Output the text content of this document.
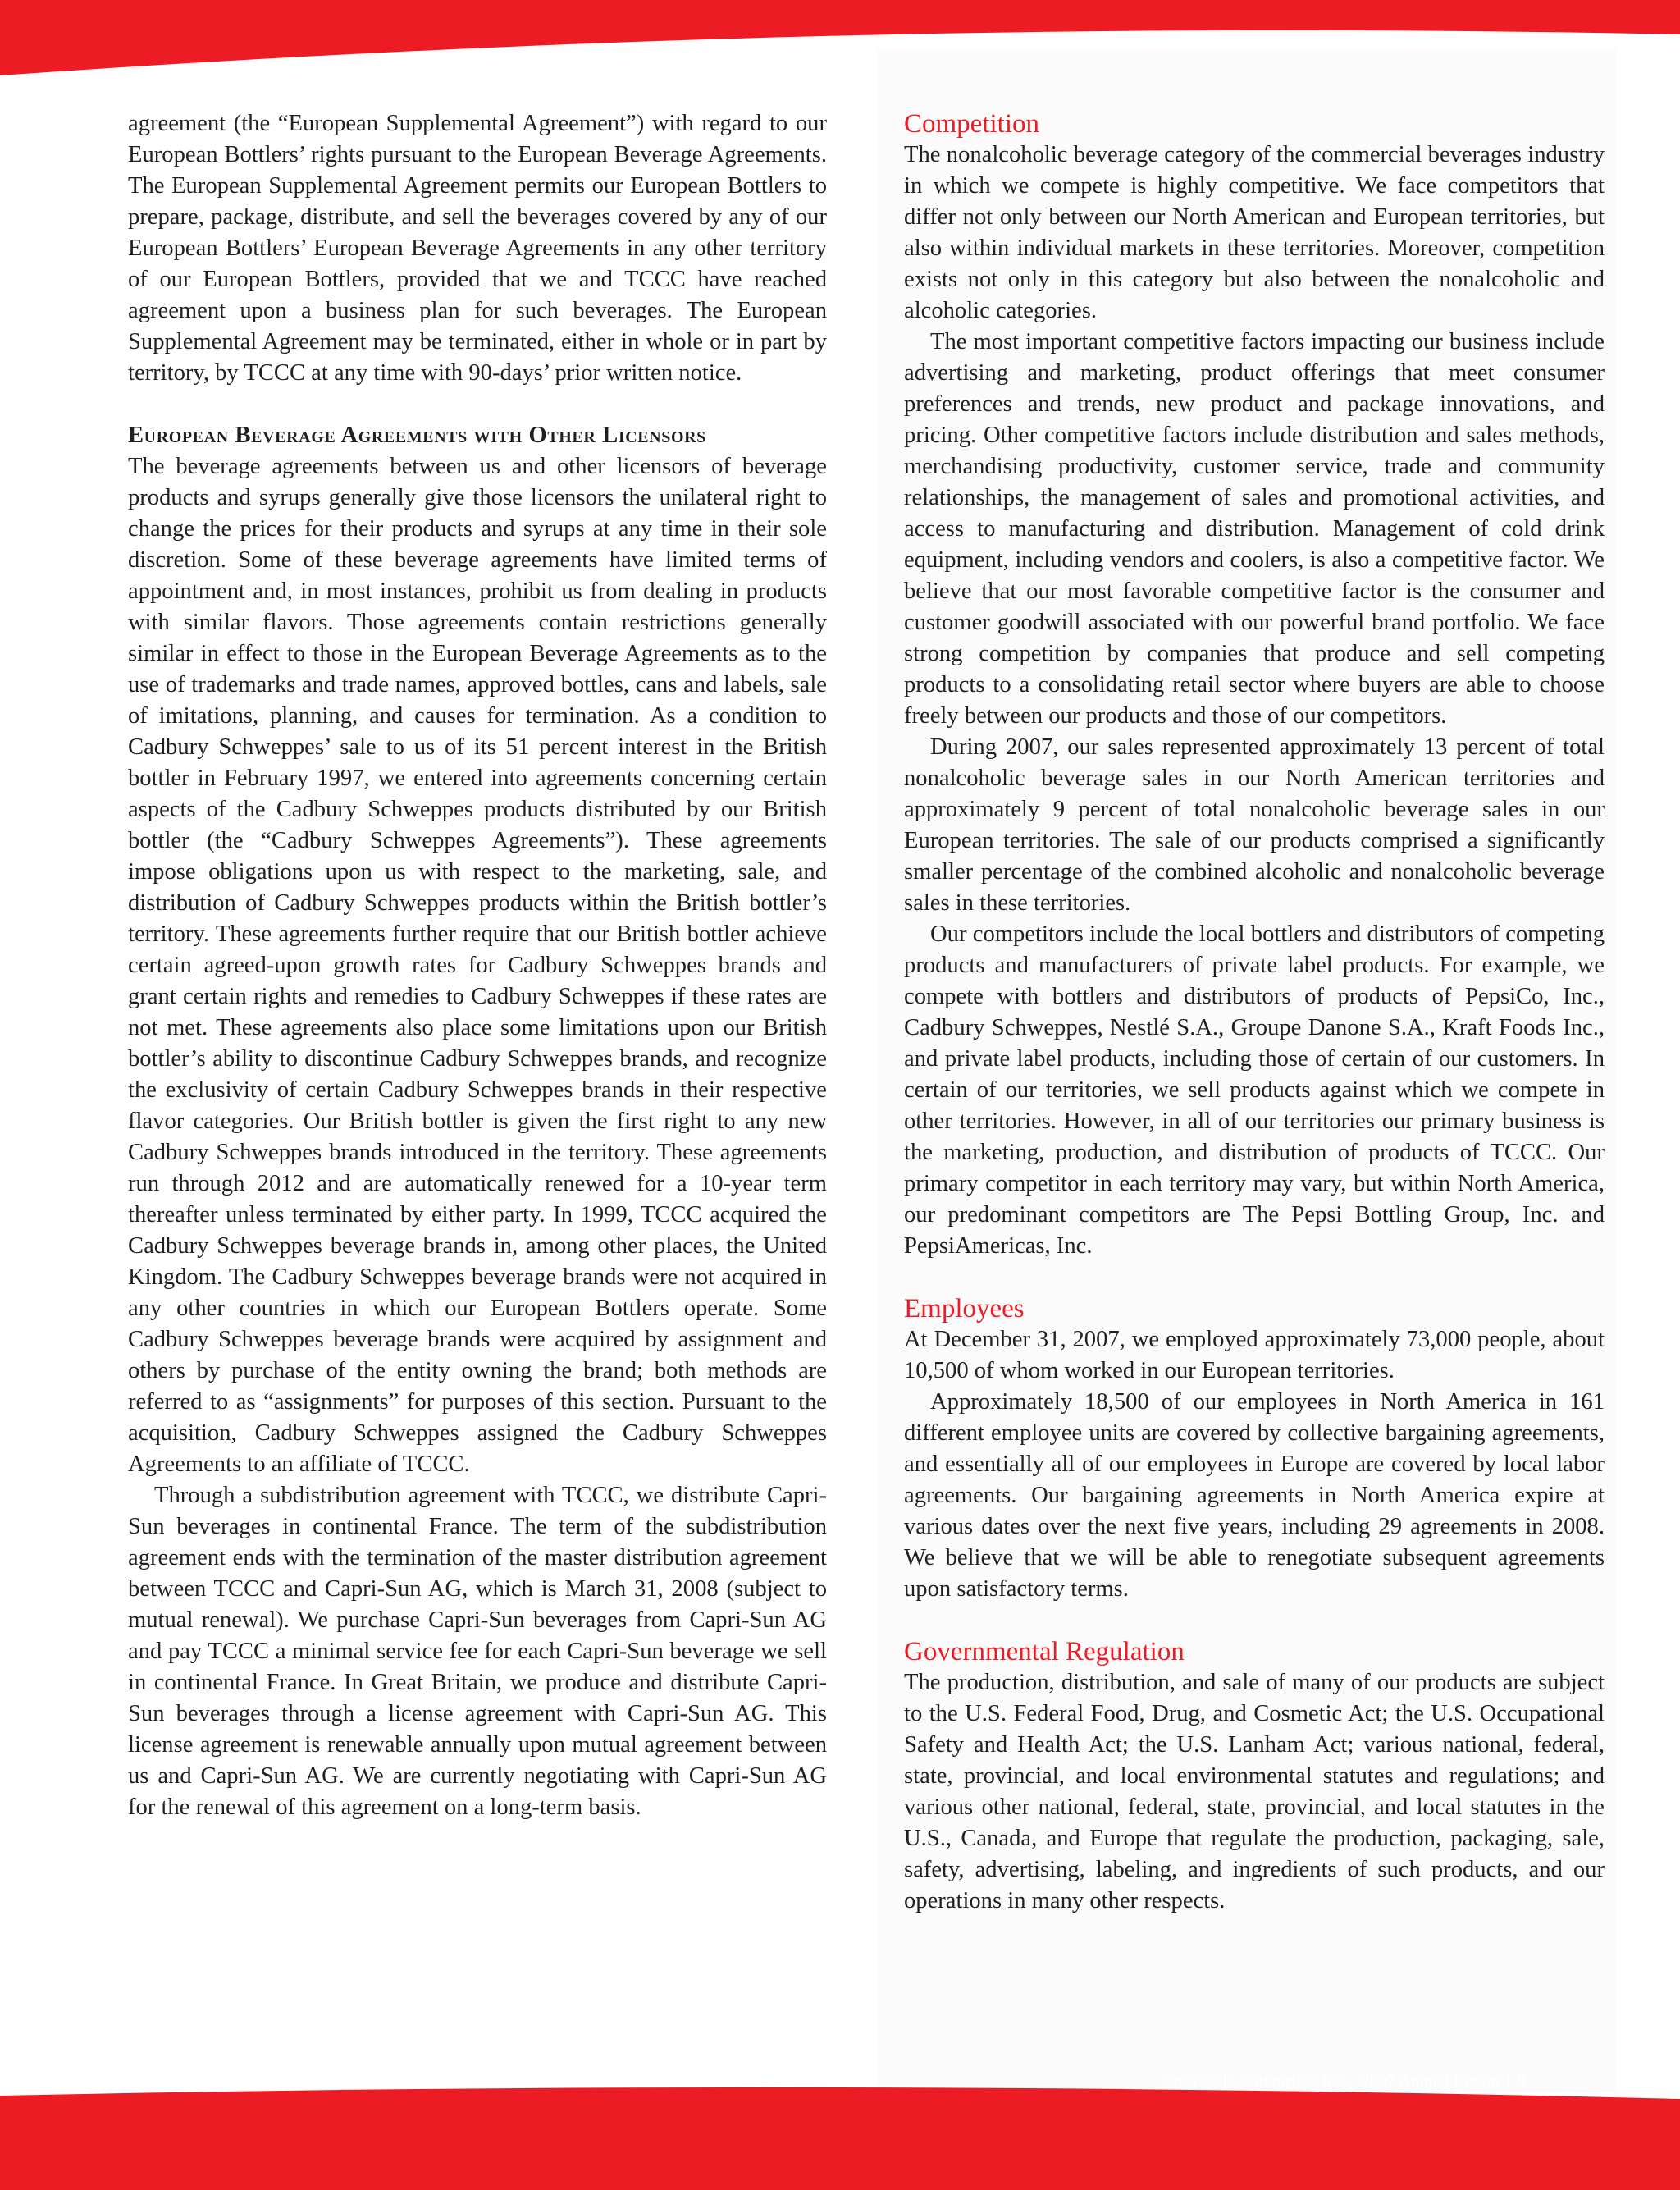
agreement (the “European Supplemental Agreement”) with regard to our European Bottlers’ rights pursuant to the European Beverage Agreements. The European Supplemental Agreement permits our European Bottlers to prepare, package, distribute, and sell the beverages covered by any of our European Bottlers’ European Beverage Agreements in any other territory of our European Bottlers, provided that we and TCCC have reached agreement upon a business plan for such beverages. The European Supplemental Agreement may be terminated, either in whole or in part by territory, by TCCC at any time with 90-days’ prior written notice.

European Beverage Agreements with Other Licensors

The beverage agreements between us and other licensors of beverage products and syrups generally give those licensors the unilateral right to change the prices for their products and syrups at any time in their sole discretion. Some of these beverage agreements have limited terms of appointment and, in most instances, prohibit us from dealing in products with similar flavors. Those agreements contain restrictions generally similar in effect to those in the European Beverage Agreements as to the use of trademarks and trade names, approved bottles, cans and labels, sale of imitations, planning, and causes for termination. As a condition to Cadbury Schweppes’ sale to us of its 51 percent interest in the British bottler in February 1997, we entered into agreements concerning certain aspects of the Cadbury Schweppes products distributed by our British bottler (the “Cadbury Schweppes Agreements”). These agreements impose obligations upon us with respect to the marketing, sale, and distribution of Cadbury Schweppes products within the British bottler’s territory. These agreements further require that our British bottler achieve certain agreed-upon growth rates for Cadbury Schweppes brands and grant certain rights and remedies to Cadbury Schweppes if these rates are not met. These agreements also place some limitations upon our British bottler’s ability to discontinue Cadbury Schweppes brands, and recognize the exclusivity of certain Cadbury Schweppes brands in their respective flavor categories. Our British bottler is given the first right to any new Cadbury Schweppes brands introduced in the territory. These agreements run through 2012 and are automatically renewed for a 10-year term thereafter unless terminated by either party. In 1999, TCCC acquired the Cadbury Schweppes beverage brands in, among other places, the United Kingdom. The Cadbury Schweppes beverage brands were not acquired in any other countries in which our European Bottlers operate. Some Cadbury Schweppes beverage brands were acquired by assignment and others by purchase of the entity owning the brand; both methods are referred to as “assignments” for purposes of this section. Pursuant to the acquisition, Cadbury Schweppes assigned the Cadbury Schweppes Agreements to an affiliate of TCCC.

Through a subdistribution agreement with TCCC, we distribute Capri-Sun beverages in continental France. The term of the subdistribution agreement ends with the termination of the master distribution agreement between TCCC and Capri-Sun AG, which is March 31, 2008 (subject to mutual renewal). We purchase Capri-Sun beverages from Capri-Sun AG and pay TCCC a minimal service fee for each Capri-Sun beverage we sell in continental France. In Great Britain, we produce and distribute Capri-Sun beverages through a license agreement with Capri-Sun AG. This license agreement is renewable annually upon mutual agreement between us and Capri-Sun AG. We are currently negotiating with Capri-Sun AG for the renewal of this agreement on a long-term basis.

Competition

The nonalcoholic beverage category of the commercial beverages industry in which we compete is highly competitive. We face competitors that differ not only between our North American and European territories, but also within individual markets in these territories. Moreover, competition exists not only in this category but also between the nonalcoholic and alcoholic categories.

The most important competitive factors impacting our business include advertising and marketing, product offerings that meet consumer preferences and trends, new product and package innovations, and pricing. Other competitive factors include distribution and sales methods, merchandising productivity, customer service, trade and community relationships, the management of sales and promotional activities, and access to manufacturing and distribution. Management of cold drink equipment, including vendors and coolers, is also a competitive factor. We believe that our most favorable competitive factor is the consumer and customer goodwill associated with our powerful brand portfolio. We face strong competition by companies that produce and sell competing products to a consolidating retail sector where buyers are able to choose freely between our products and those of our competitors.

During 2007, our sales represented approximately 13 percent of total nonalcoholic beverage sales in our North American territories and approximately 9 percent of total nonalcoholic beverage sales in our European territories. The sale of our products comprised a significantly smaller percentage of the combined alcoholic and nonalcoholic beverage sales in these territories.

Our competitors include the local bottlers and distributors of competing products and manufacturers of private label products. For example, we compete with bottlers and distributors of products of PepsiCo, Inc., Cadbury Schweppes, Nestlé S.A., Groupe Danone S.A., Kraft Foods Inc., and private label products, including those of certain of our customers. In certain of our territories, we sell products against which we compete in other territories. However, in all of our territories our primary business is the marketing, production, and distribution of products of TCCC. Our primary competitor in each territory may vary, but within North America, our predominant competitors are The Pepsi Bottling Group, Inc. and PepsiAmericas, Inc.

Employees

At December 31, 2007, we employed approximately 73,000 people, about 10,500 of whom worked in our European territories.

Approximately 18,500 of our employees in North America in 161 different employee units are covered by collective bargaining agreements, and essentially all of our employees in Europe are covered by local labor agreements. Our bargaining agreements in North America expire at various dates over the next five years, including 29 agreements in 2008. We believe that we will be able to renegotiate subsequent agreements upon satisfactory terms.

Governmental Regulation

The production, distribution, and sale of many of our products are subject to the U.S. Federal Food, Drug, and Cosmetic Act; the U.S. Occupational Safety and Health Act; the U.S. Lanham Act; various national, federal, state, provincial, and local environmental statutes and regulations; and various other national, federal, state, provincial, and local statutes in the U.S., Canada, and Europe that regulate the production, packaging, sale, safety, advertising, labeling, and ingredients of such products, and our operations in many other respects.

Coca-Cola Enterprises Inc. 2007 Annual Report | 9
